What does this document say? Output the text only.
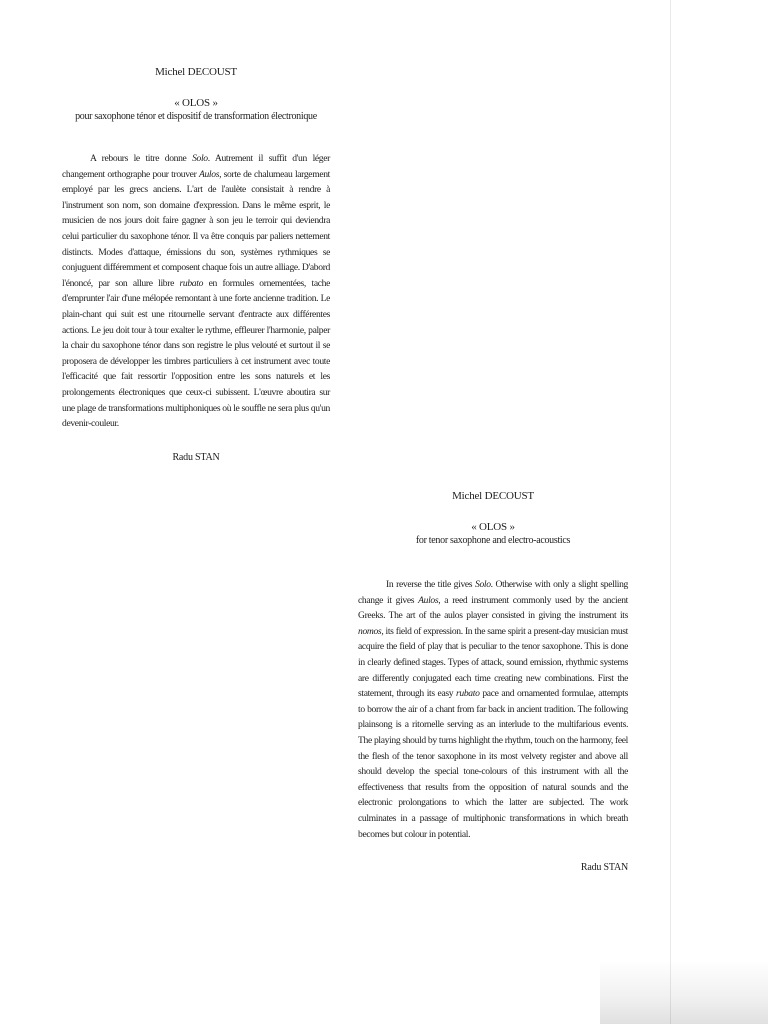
Michel DECOUST

« OLOS »

pour saxophone ténor et dispositif de transformation électronique

A rebours le titre donne Solo. Autrement il suffit d'un léger changement orthographe pour trouver Aulos, sorte de chalumeau largement employé par les grecs anciens. L'art de l'aulète consistait à rendre à l'instrument son nom, son domaine d'expression. Dans le même esprit, le musicien de nos jours doit faire gagner à son jeu le terroir qui deviendra celui particulier du saxophone ténor. Il va être conquis par paliers nettement distincts. Modes d'attaque, émissions du son, systèmes rythmiques se conjuguent différemment et composent chaque fois un autre alliage. D'abord l'énoncé, par son allure libre rubato en formules ornementées, tache d'emprunter l'air d'une mélopée remontant à une forte ancienne tradition. Le plain-chant qui suit est une ritournelle servant d'entracte aux différentes actions. Le jeu doit tour à tour exalter le rythme, effleurer l'harmonie, palper la chair du saxophone ténor dans son registre le plus velouté et surtout il se proposera de développer les timbres particuliers à cet instrument avec toute l'efficacité que fait ressortir l'opposition entre les sons naturels et les prolongements électroniques que ceux-ci subissent. L'œuvre aboutira sur une plage de transformations multiphoniques où le souffle ne sera plus qu'un devenir-couleur.

Radu STAN

Michel DECOUST

« OLOS »

for tenor saxophone and electro-acoustics

In reverse the title gives Solo. Otherwise with only a slight spelling change it gives Aulos, a reed instrument commonly used by the ancient Greeks. The art of the aulos player consisted in giving the instrument its nomos, its field of expression. In the same spirit a present-day musician must acquire the field of play that is peculiar to the tenor saxophone. This is done in clearly defined stages. Types of attack, sound emission, rhythmic systems are differently conjugated each time creating new combinations. First the statement, through its easy rubato pace and ornamented formulae, attempts to borrow the air of a chant from far back in ancient tradition. The following plainsong is a ritornelle serving as an interlude to the multifarious events. The playing should by turns highlight the rhythm, touch on the harmony, feel the flesh of the tenor saxophone in its most velvety register and above all should develop the special tone-colours of this instrument with all the effectiveness that results from the opposition of natural sounds and the electronic prolongations to which the latter are subjected. The work culminates in a passage of multiphonic transformations in which breath becomes but colour in potential.

Radu STAN
